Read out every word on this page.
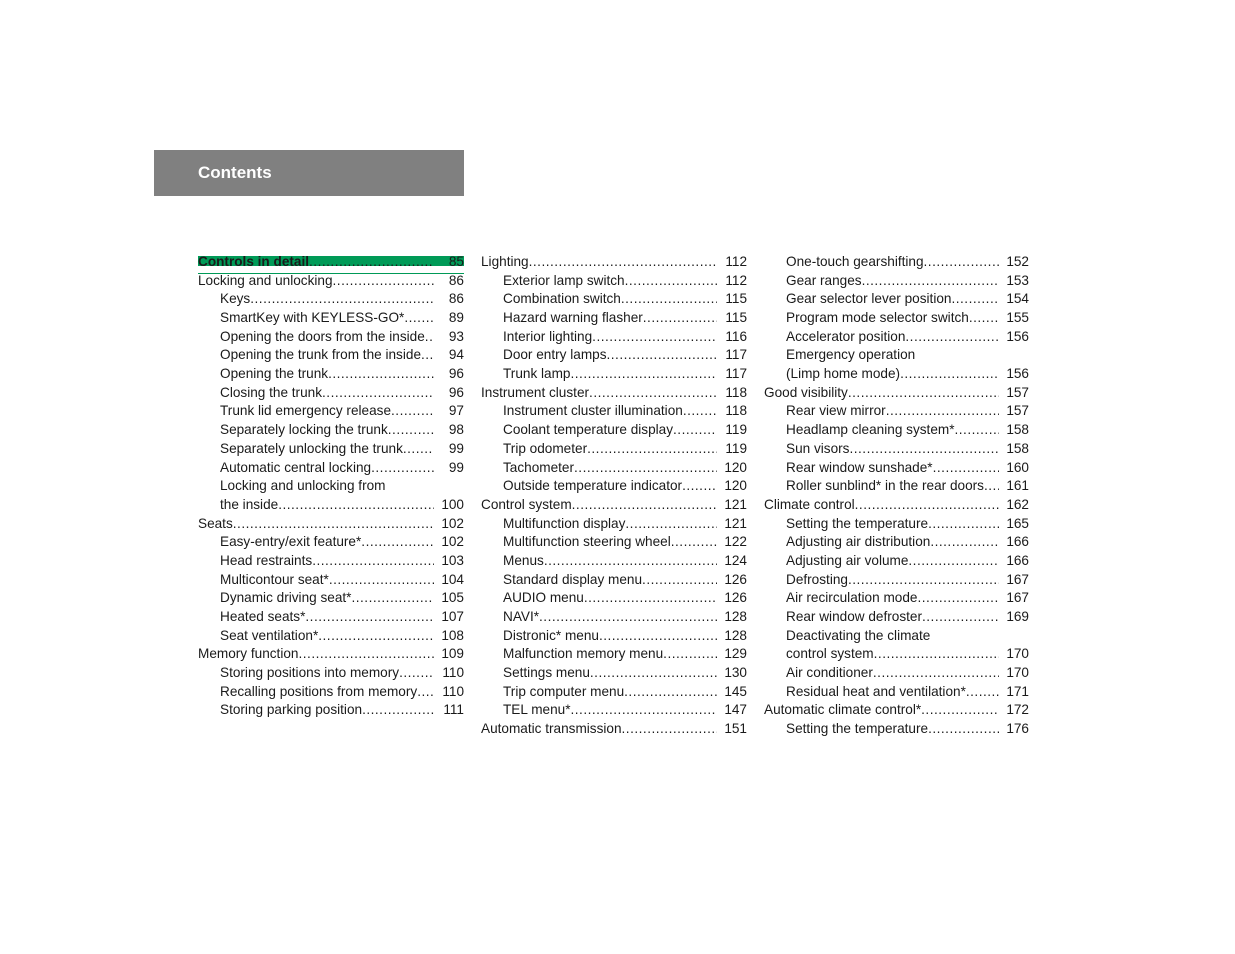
Contents
Controls in detail .....	85
Locking and unlocking .....	86
Keys .....	86
SmartKey with KEYLESS-GO* .....	89
Opening the doors from the inside .....	93
Opening the trunk from the inside .....	94
Opening the trunk .....	96
Closing the trunk .....	96
Trunk lid emergency release .....	97
Separately locking the trunk .....	98
Separately unlocking the trunk .....	99
Automatic central locking .....	99
Locking and unlocking from
the inside .....	100
Seats .....	102
Easy-entry/exit feature* .....	102
Head restraints .....	103
Multicontour seat* .....	104
Dynamic driving seat* .....	105
Heated seats* .....	107
Seat ventilation* .....	108
Memory function .....	109
Storing positions into memory .....	110
Recalling positions from memory .....	110
Storing parking position .....	111
Lighting .....	112
Exterior lamp switch .....	112
Combination switch .....	115
Hazard warning flasher .....	115
Interior lighting .....	116
Door entry lamps .....	117
Trunk lamp .....	117
Instrument cluster .....	118
Instrument cluster illumination .....	118
Coolant temperature display .....	119
Trip odometer .....	119
Tachometer .....	120
Outside temperature indicator .....	120
Control system .....	121
Multifunction display .....	121
Multifunction steering wheel .....	122
Menus .....	124
Standard display menu .....	126
AUDIO menu .....	126
NAVI* .....	128
Distronic* menu .....	128
Malfunction memory menu .....	129
Settings menu .....	130
Trip computer menu .....	145
TEL menu* .....	147
Automatic transmission .....	151
One-touch gearshifting .....	152
Gear ranges .....	153
Gear selector lever position .....	154
Program mode selector switch .....	155
Accelerator position .....	156
Emergency operation
(Limp home mode) .....	156
Good visibility .....	157
Rear view mirror .....	157
Headlamp cleaning system* .....	158
Sun visors .....	158
Rear window sunshade* .....	160
Roller sunblind* in the rear doors .....	161
Climate control .....	162
Setting the temperature .....	165
Adjusting air distribution .....	166
Adjusting air volume .....	166
Defrosting .....	167
Air recirculation mode .....	167
Rear window defroster .....	169
Deactivating the climate
control system .....	170
Air conditioner .....	170
Residual heat and ventilation* .....	171
Automatic climate control* .....	172
Setting the temperature .....	176
